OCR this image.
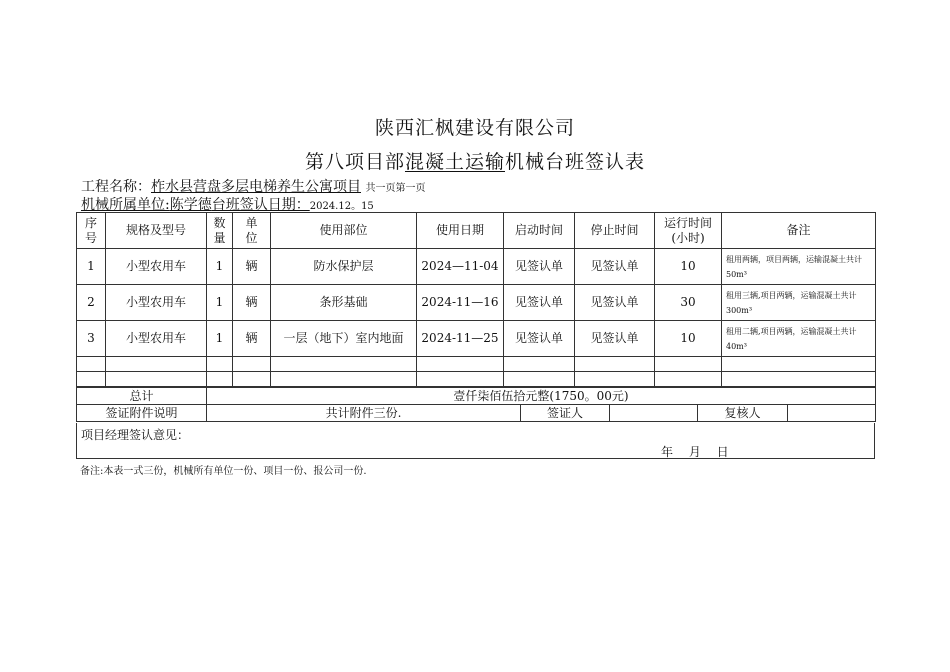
陕西汇枫建设有限公司
第八项目部混凝土运输机械台班签认表
工程名称：柞水县营盘多层电梯养生公寓项目 共一页第一页
机械所属单位:陈学德台班签认日期：2024.12。15
序号	规格及型号	数量	单位	使用部位	使用日期	启动时间	停止时间	运行时间(小时)	备注
1	小型农用车	1	辆	防水保护层	2024—11-04	见签认单	见签认单	10	租用两辆，项目两辆，运输混凝土共计 50m³
2	小型农用车	1	辆	条形基础	2024-11—16	见签认单	见签认单	30	租用三辆,项目两辆，运输混凝土共计 300m³
3	小型农用车	1	辆	一层（地下）室内地面	2024-11—25	见签认单	见签认单	10	租用二辆,项目两辆，运输混凝土共计 40m³

总计	壹仟柒佰伍拾元整(1750。00元)				
签证附件说明	共计附件三份.	签证人		复核人	
项目经理签认意见：
年 月 日
备注:本表一式三份，机械所有单位一份、项目一份、报公司一份.
